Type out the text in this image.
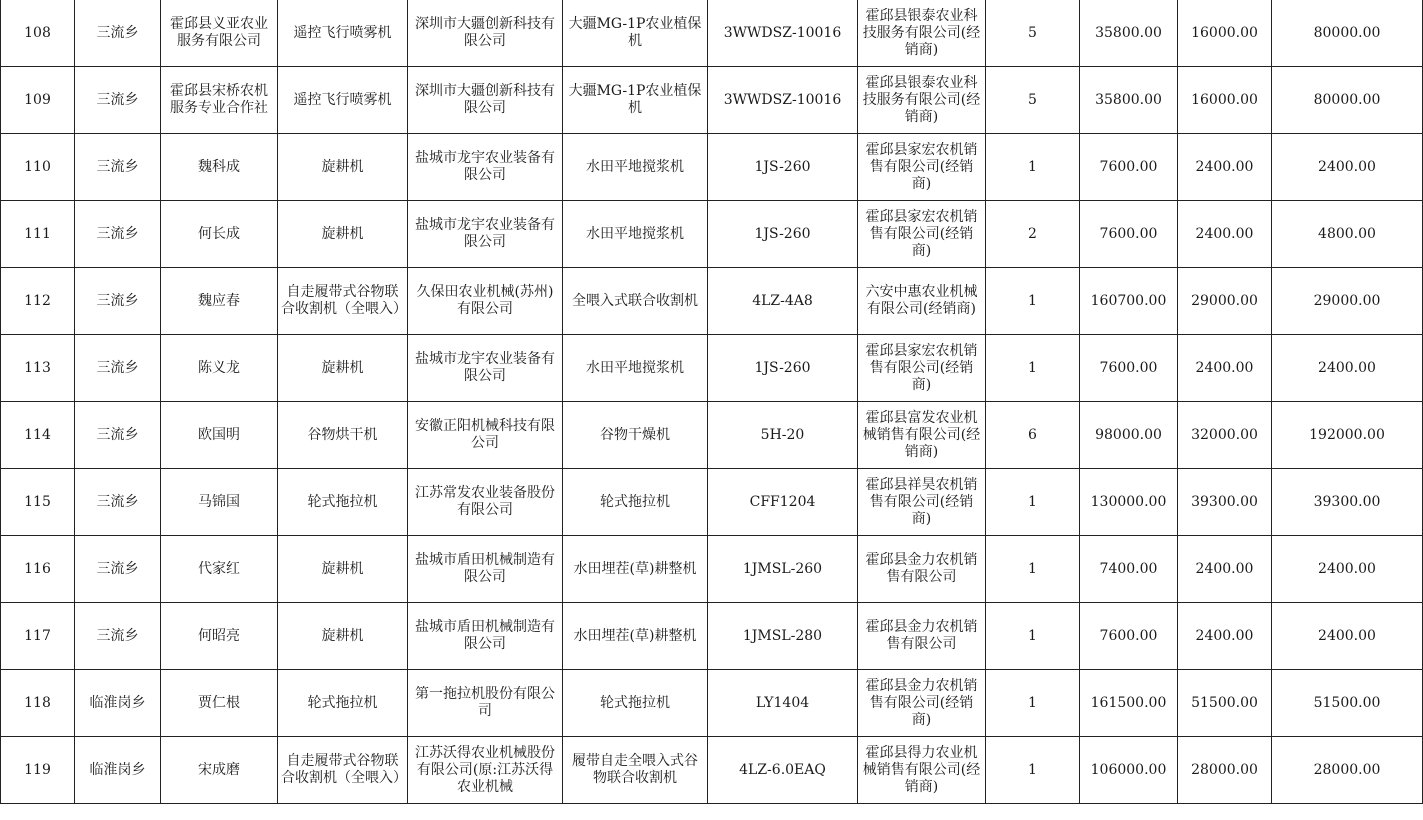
108	三流乡	霍邱县义亚农业服务有限公司	遥控飞行喷雾机	深圳市大疆创新科技有限公司	大疆MG-1P农业植保机	3WWDSZ-10016	霍邱县银泰农业科技服务有限公司(经销商)	5	35800.00	16000.00	80000.00
109	三流乡	霍邱县宋桥农机服务专业合作社	遥控飞行喷雾机	深圳市大疆创新科技有限公司	大疆MG-1P农业植保机	3WWDSZ-10016	霍邱县银泰农业科技服务有限公司(经销商)	5	35800.00	16000.00	80000.00
110	三流乡	魏科成	旋耕机	盐城市龙宇农业装备有限公司	水田平地搅浆机	1JS-260	霍邱县家宏农机销售有限公司(经销商)	1	7600.00	2400.00	2400.00
111	三流乡	何长成	旋耕机	盐城市龙宇农业装备有限公司	水田平地搅浆机	1JS-260	霍邱县家宏农机销售有限公司(经销商)	2	7600.00	2400.00	4800.00
112	三流乡	魏应春	自走履带式谷物联合收割机（全喂入）	久保田农业机械(苏州)有限公司	全喂入式联合收割机	4LZ-4A8	六安中惠农业机械有限公司(经销商)	1	160700.00	29000.00	29000.00
113	三流乡	陈义龙	旋耕机	盐城市龙宇农业装备有限公司	水田平地搅浆机	1JS-260	霍邱县家宏农机销售有限公司(经销商)	1	7600.00	2400.00	2400.00
114	三流乡	欧国明	谷物烘干机	安徽正阳机械科技有限公司	谷物干燥机	5H-20	霍邱县富发农业机械销售有限公司(经销商)	6	98000.00	32000.00	192000.00
115	三流乡	马锦国	轮式拖拉机	江苏常发农业装备股份有限公司	轮式拖拉机	CFF1204	霍邱县祥昊农机销售有限公司(经销商)	1	130000.00	39300.00	39300.00
116	三流乡	代家红	旋耕机	盐城市盾田机械制造有限公司	水田埋茬(草)耕整机	1JMSL-260	霍邱县金力农机销售有限公司	1	7400.00	2400.00	2400.00
117	三流乡	何昭亮	旋耕机	盐城市盾田机械制造有限公司	水田埋茬(草)耕整机	1JMSL-280	霍邱县金力农机销售有限公司	1	7600.00	2400.00	2400.00
118	临淮岗乡	贾仁根	轮式拖拉机	第一拖拉机股份有限公司	轮式拖拉机	LY1404	霍邱县金力农机销售有限公司(经销商)	1	161500.00	51500.00	51500.00
119	临淮岗乡	宋成磨	自走履带式谷物联合收割机（全喂入）	江苏沃得农业机械股份有限公司(原:江苏沃得农业机械	履带自走全喂入式谷物联合收割机	4LZ-6.0EAQ	霍邱县得力农业机械销售有限公司(经销商)	1	106000.00	28000.00	28000.00
